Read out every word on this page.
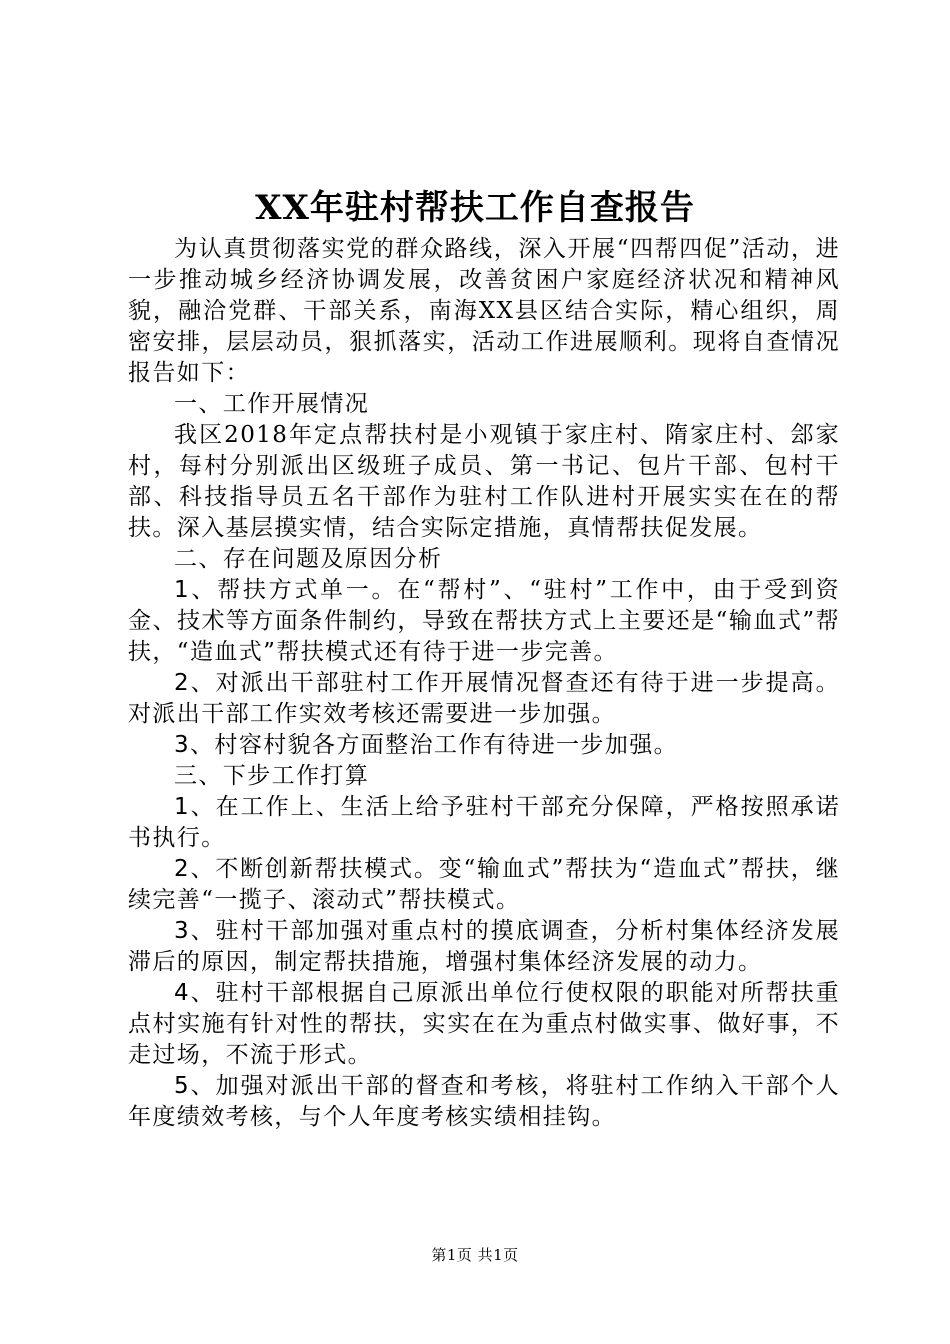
XX年驻村帮扶工作自查报告

为认真贯彻落实党的群众路线，深入开展“四帮四促”活动，进一步推动城乡经济协调发展，改善贫困户家庭经济状况和精神风貌，融洽党群、干部关系，南海XX县区结合实际，精心组织，周密安排，层层动员，狠抓落实，活动工作进展顺利。现将自查情况报告如下：

一、工作开展情况

我区2018年定点帮扶村是小观镇于家庄村、隋家庄村、郐家村，每村分别派出区级班子成员、第一书记、包片干部、包村干部、科技指导员五名干部作为驻村工作队进村开展实实在在的帮扶。深入基层摸实情，结合实际定措施，真情帮扶促发展。

二、存在问题及原因分析

1、帮扶方式单一。在“帮村”、“驻村”工作中，由于受到资金、技术等方面条件制约，导致在帮扶方式上主要还是“输血式”帮扶，“造血式”帮扶模式还有待于进一步完善。

2、对派出干部驻村工作开展情况督查还有待于进一步提高。对派出干部工作实效考核还需要进一步加强。

3、村容村貌各方面整治工作有待进一步加强。

三、下步工作打算

1、在工作上、生活上给予驻村干部充分保障，严格按照承诺书执行。

2、不断创新帮扶模式。变“输血式”帮扶为“造血式”帮扶，继续完善“一揽子、滚动式”帮扶模式。

3、驻村干部加强对重点村的摸底调查，分析村集体经济发展滞后的原因，制定帮扶措施，增强村集体经济发展的动力。

4、驻村干部根据自己原派出单位行使权限的职能对所帮扶重点村实施有针对性的帮扶，实实在在为重点村做实事、做好事，不走过场，不流于形式。

5、加强对派出干部的督查和考核，将驻村工作纳入干部个人年度绩效考核，与个人年度考核实绩相挂钩。

第1页 共1页
